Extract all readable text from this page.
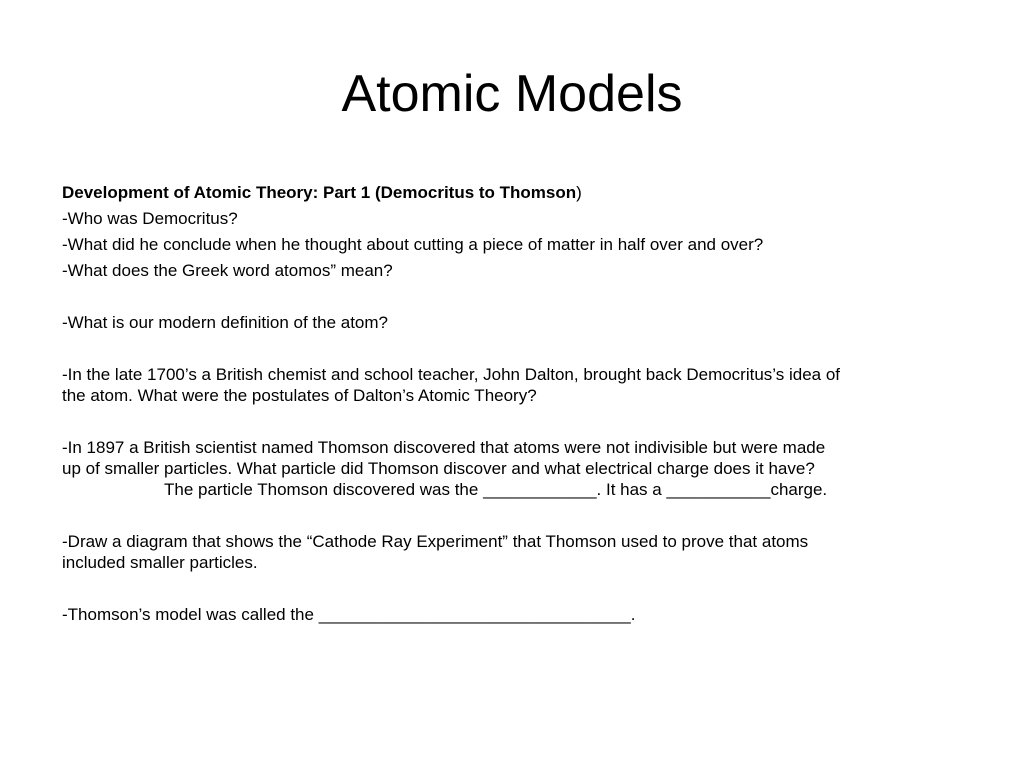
Atomic Models

Development of Atomic Theory: Part 1 (Democritus to Thomson)

-Who was Democritus?

-What did he conclude when he thought about cutting a piece of matter in half over and over?

-What does the Greek word atomos” mean?

-What is our modern definition of the atom?

-In the late 1700’s a British chemist and school teacher, John Dalton, brought back Democritus’s idea of

the atom. What were the postulates of Dalton’s Atomic Theory?

-In 1897 a British scientist named Thomson discovered that atoms were not indivisible but were made

up of smaller particles. What particle did Thomson discover and what electrical charge does it have?

The particle Thomson discovered was the ____________. It has a ___________charge.

-Draw a diagram that shows the “Cathode Ray Experiment” that Thomson used to prove that atoms

included smaller particles.

-Thomson’s model was called the _________________________________.
